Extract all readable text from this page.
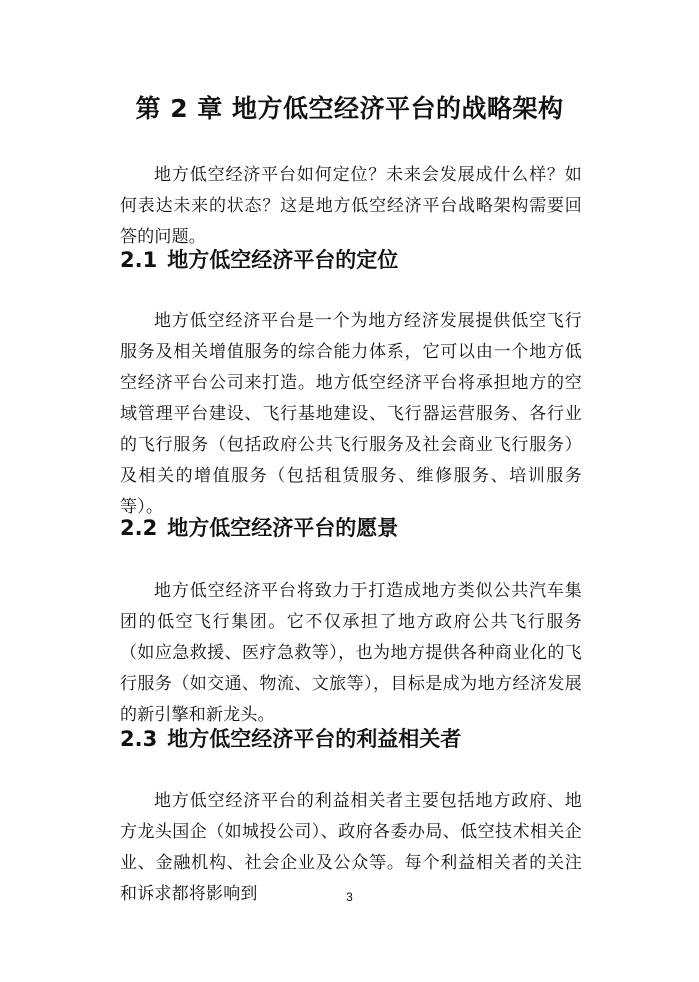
第 2 章 地方低空经济平台的战略架构

地方低空经济平台如何定位？未来会发展成什么样？如何表达未来的状态？这是地方低空经济平台战略架构需要回答的问题。

2.1 地方低空经济平台的定位

地方低空经济平台是一个为地方经济发展提供低空飞行服务及相关增值服务的综合能力体系，它可以由一个地方低空经济平台公司来打造。地方低空经济平台将承担地方的空域管理平台建设、飞行基地建设、飞行器运营服务、各行业的飞行服务（包括政府公共飞行服务及社会商业飞行服务）及相关的增值服务（包括租赁服务、维修服务、培训服务等）。

2.2 地方低空经济平台的愿景

地方低空经济平台将致力于打造成地方类似公共汽车集团的低空飞行集团。它不仅承担了地方政府公共飞行服务（如应急救援、医疗急救等），也为地方提供各种商业化的飞行服务（如交通、物流、文旅等），目标是成为地方经济发展的新引擎和新龙头。

2.3 地方低空经济平台的利益相关者

地方低空经济平台的利益相关者主要包括地方政府、地方龙头国企（如城投公司）、政府各委办局、低空技术相关企业、金融机构、社会企业及公众等。每个利益相关者的关注和诉求都将影响到	3
